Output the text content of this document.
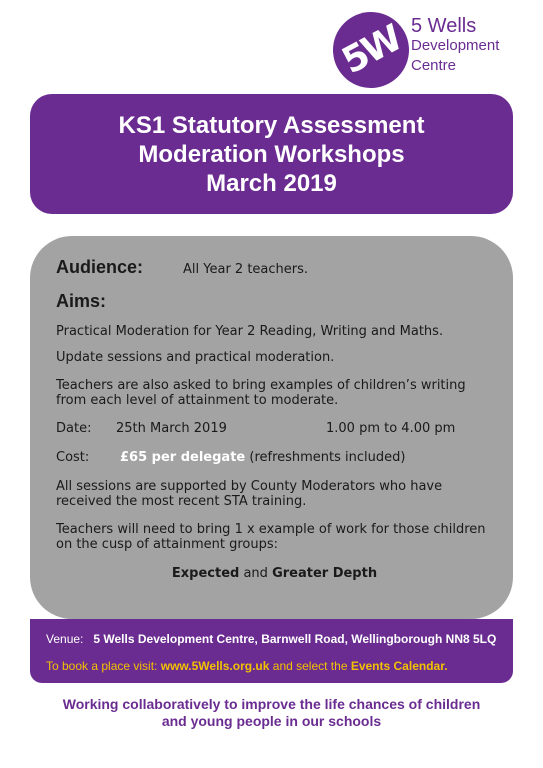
5W 5 Wells
Development
Centre
KS1 Statutory Assessment
Moderation Workshops
March 2019
Audience:	All Year 2 teachers.
Aims:
Practical Moderation for Year 2 Reading, Writing and Maths.
Update sessions and practical moderation.
Teachers are also asked to bring examples of children’s writing
from each level of attainment to moderate.
Date: 25th March 2019	1.00 pm to 4.00 pm
Cost: £65 per delegate (refreshments included)
All sessions are supported by County Moderators who have
received the most recent STA training.
Teachers will need to bring 1 x example of work for those children
on the cusp of attainment groups:
Expected and Greater Depth
Venue: 5 Wells Development Centre, Barnwell Road, Wellingborough NN8 5LQ
To book a place visit: www.5Wells.org.uk and select the Events Calendar.
Working collaboratively to improve the life chances of children
and young people in our schools
